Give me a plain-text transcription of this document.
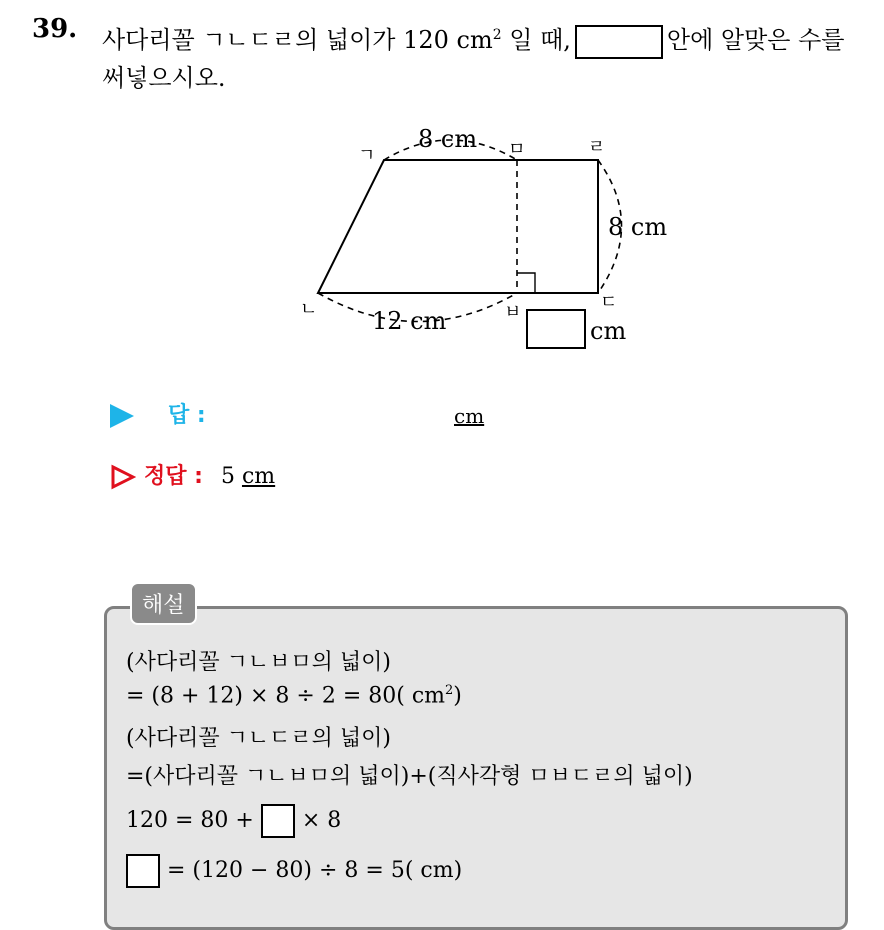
39. 사다리꼴 ㄱㄴㄷㄹ의 넓이가 120 $cm^2$ 일 때,	안에 알맞은 수를 써넣으시오.
ㄱ	ㅁ	ㄹ
ㄴ	ㅂ	ㄷ
8 cm
8 cm
12 cm	cm
답 :	cm
정답 : 5 cm
해설
(사다리꼴 ㄱㄴㅂㅁ의 넓이)
= (8 + 12) × 8 ÷ 2 = 80( $cm^2$)
(사다리꼴 ㄱㄴㄷㄹ의 넓이)
=(사다리꼴 ㄱㄴㅂㅁ의 넓이)+(직사각형 ㅁㅂㄷㄹ의 넓이)
120 = 80 + × 8
= (120 − 80) ÷ 8 = 5( cm)
